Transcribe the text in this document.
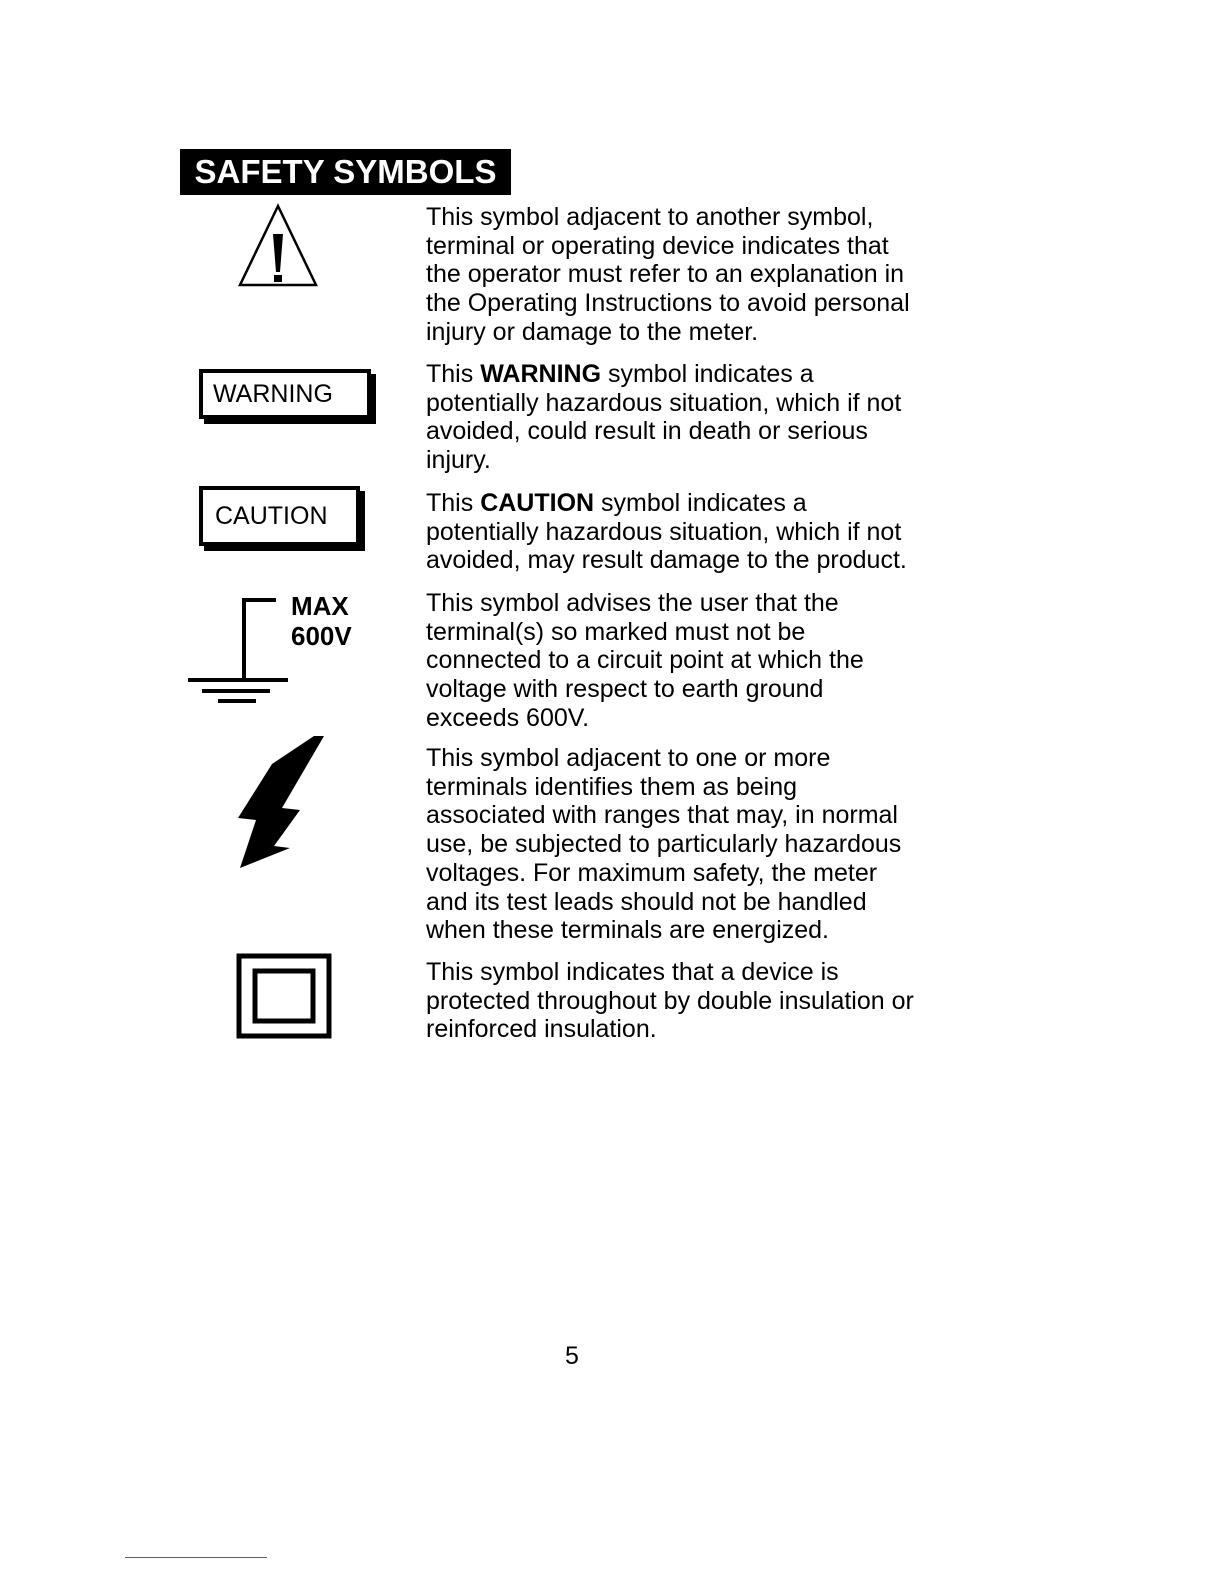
SAFETY SYMBOLS
This symbol adjacent to another symbol,
terminal or operating device indicates that
the operator must refer to an explanation in
the Operating Instructions to avoid personal
injury or damage to the meter.
WARNING
This WARNING symbol indicates a
potentially hazardous situation, which if not
avoided, could result in death or serious
injury.
CAUTION	This CAUTION symbol indicates a
potentially hazardous situation, which if not
avoided, may result damage to the product.
MAX
600V
This symbol advises the user that the
terminal(s) so marked must not be
connected to a circuit point at which the
voltage with respect to earth ground
exceeds 600V.
This symbol adjacent to one or more
terminals identifies them as being
associated with ranges that may, in normal
use, be subjected to particularly hazardous
voltages. For maximum safety, the meter
and its test leads should not be handled
when these terminals are energized.
This symbol indicates that a device is
protected throughout by double insulation or
reinforced insulation.
5
